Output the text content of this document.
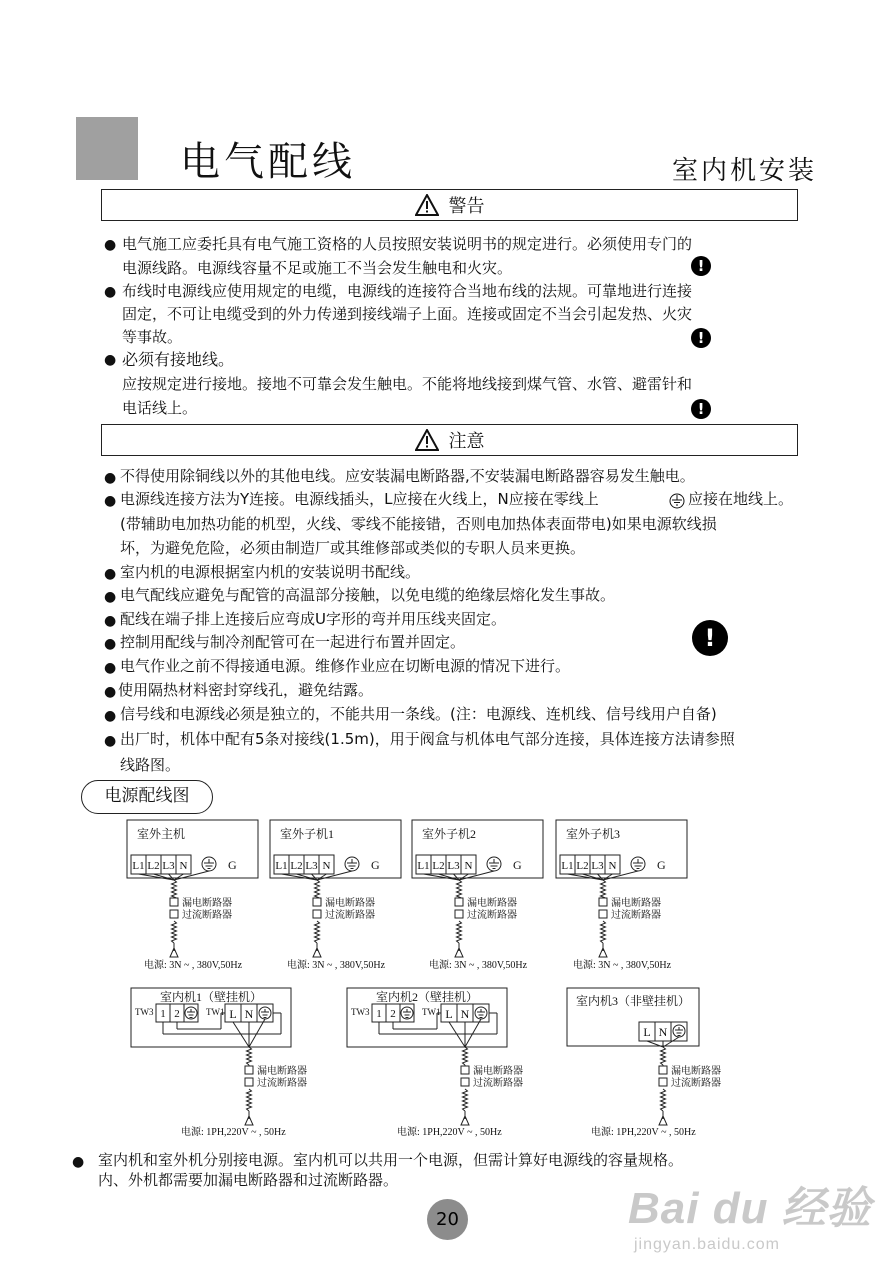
电气配线	室内机安装
警告
● 电气施工应委托具有电气施工资格的人员按照安装说明书的规定进行。必须使用专门的
电源线路。电源线容量不足或施工不当会发生触电和火灾。	!
● 布线时电源线应使用规定的电缆，电源线的连接符合当地布线的法规。可靠地进行连接
固定，不可让电缆受到的外力传递到接线端子上面。连接或固定不当会引起发热、火灾
等事故。	!
● 必须有接地线。
应按规定进行接地。接地不可靠会发生触电。不能将地线接到煤气管、水管、避雷针和
电话线上。	!
注意
● 不得使用除铜线以外的其他电线。应安装漏电断路器,不安装漏电断路器容易发生触电。
● 电源线连接方法为Y连接。电源线插头，L应接在火线上，N应接在零线上	应接在地线上。
(带辅助电加热功能的机型，火线、零线不能接错，否则电加热体表面带电)如果电源软线损
坏，为避免危险，必须由制造厂或其维修部或类似的专职人员来更换。
● 室内机的电源根据室内机的安装说明书配线。
● 电气配线应避免与配管的高温部分接触，以免电缆的绝缘层熔化发生事故。
● 配线在端子排上连接后应弯成U字形的弯并用压线夹固定。
● 控制用配线与制冷剂配管可在一起进行布置并固定。	!
● 电气作业之前不得接通电源。维修作业应在切断电源的情况下进行。
● 使用隔热材料密封穿线孔，避免结露。
● 信号线和电源线必须是独立的，不能共用一条线。(注：电源线、连机线、信号线用户自备)
● 出厂时，机体中配有5条对接线(1.5m)，用于阀盒与机体电气部分连接，具体连接方法请参照
线路图。
电源配线图
室外主机
L1 L2 L3 N	G
漏电断路器
过流断路器
电源: 3N ~ , 380V,50Hz
室外子机1
L1 L2 L3 N	G
漏电断路器
过流断路器
电源: 3N ~ , 380V,50Hz
室外子机2
L1 L2 L3 N	G
漏电断路器
过流断路器
电源: 3N ~ , 380V,50Hz
室外子机3
L1 L2 L3 N	G
漏电断路器
过流断路器
电源: 3N ~ , 380V,50Hz
室内机1（壁挂机）
TW3 1 2	TW1 L N
漏电断路器
过流断路器
电源: 1PH,220V ~ , 50Hz
室内机2（壁挂机）
TW3 1 2	TW1 L N
漏电断路器
过流断路器
电源: 1PH,220V ~ , 50Hz
室内机3（非壁挂机）
L N
漏电断路器
过流断路器
电源: 1PH,220V ~ , 50Hz
● 室内机和室外机分别接电源。室内机可以共用一个电源，但需计算好电源线的容量规格。
内、外机都需要加漏电断路器和过流断路器。
20	Bai du 经验
jingyan.baidu.com
